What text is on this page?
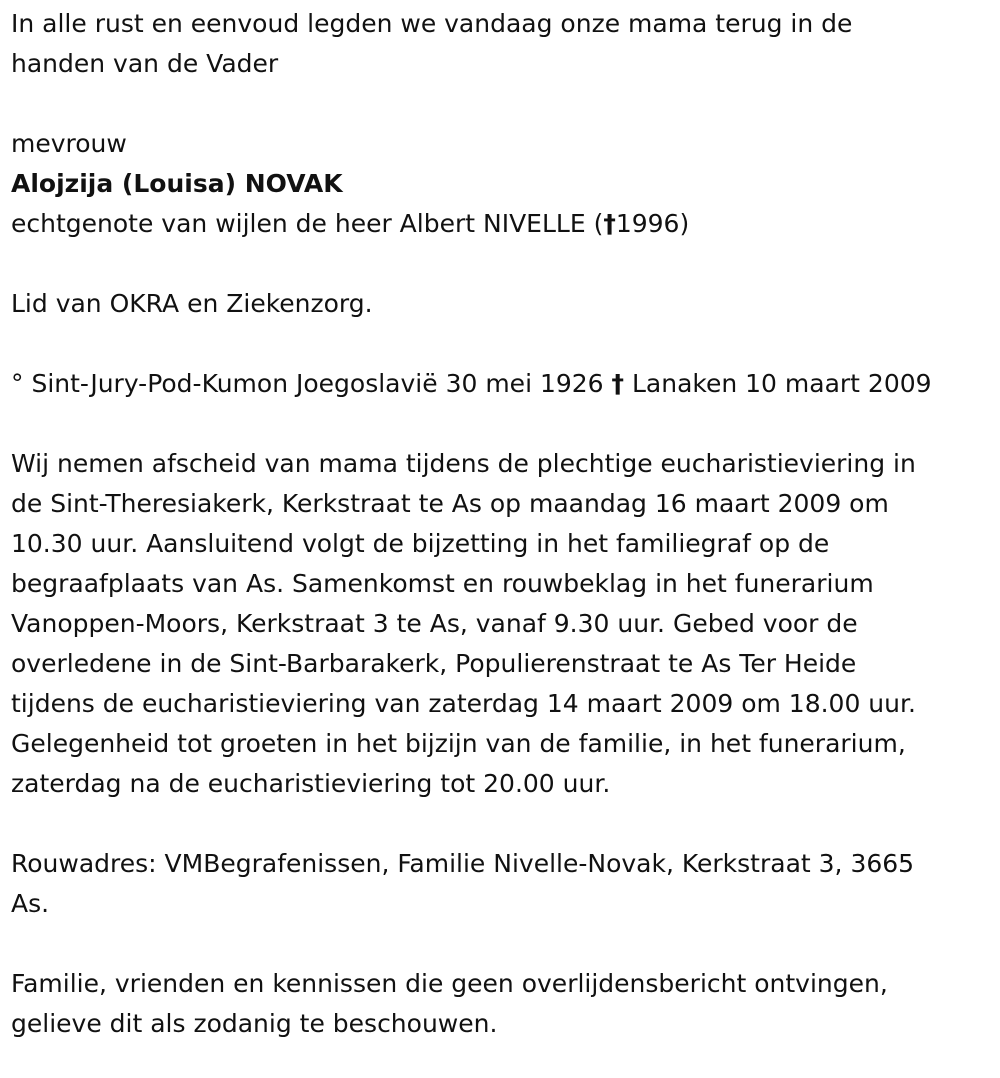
In alle rust en eenvoud legden we vandaag onze mama terug in de
handen van de Vader

mevrouw

Alojzija (Louisa) NOVAK

echtgenote van wijlen de heer Albert NIVELLE (†1996)

Lid van OKRA en Ziekenzorg.

° Sint-Jury-Pod-Kumon Joegoslavië 30 mei 1926 † Lanaken 10 maart 2009

Wij nemen afscheid van mama tijdens de plechtige eucharistieviering in
de Sint-Theresiakerk, Kerkstraat te As op maandag 16 maart 2009 om
10.30 uur. Aansluitend volgt de bijzetting in het familiegraf op de
begraafplaats van As. Samenkomst en rouwbeklag in het funerarium
Vanoppen-Moors, Kerkstraat 3 te As, vanaf 9.30 uur. Gebed voor de
overledene in de Sint-Barbarakerk, Populierenstraat te As Ter Heide
tijdens de eucharistieviering van zaterdag 14 maart 2009 om 18.00 uur.
Gelegenheid tot groeten in het bijzijn van de familie, in het funerarium,
zaterdag na de eucharistieviering tot 20.00 uur.

Rouwadres: VMBegrafenissen, Familie Nivelle-Novak, Kerkstraat 3, 3665
As.

Familie, vrienden en kennissen die geen overlijdensbericht ontvingen,
gelieve dit als zodanig te beschouwen.
